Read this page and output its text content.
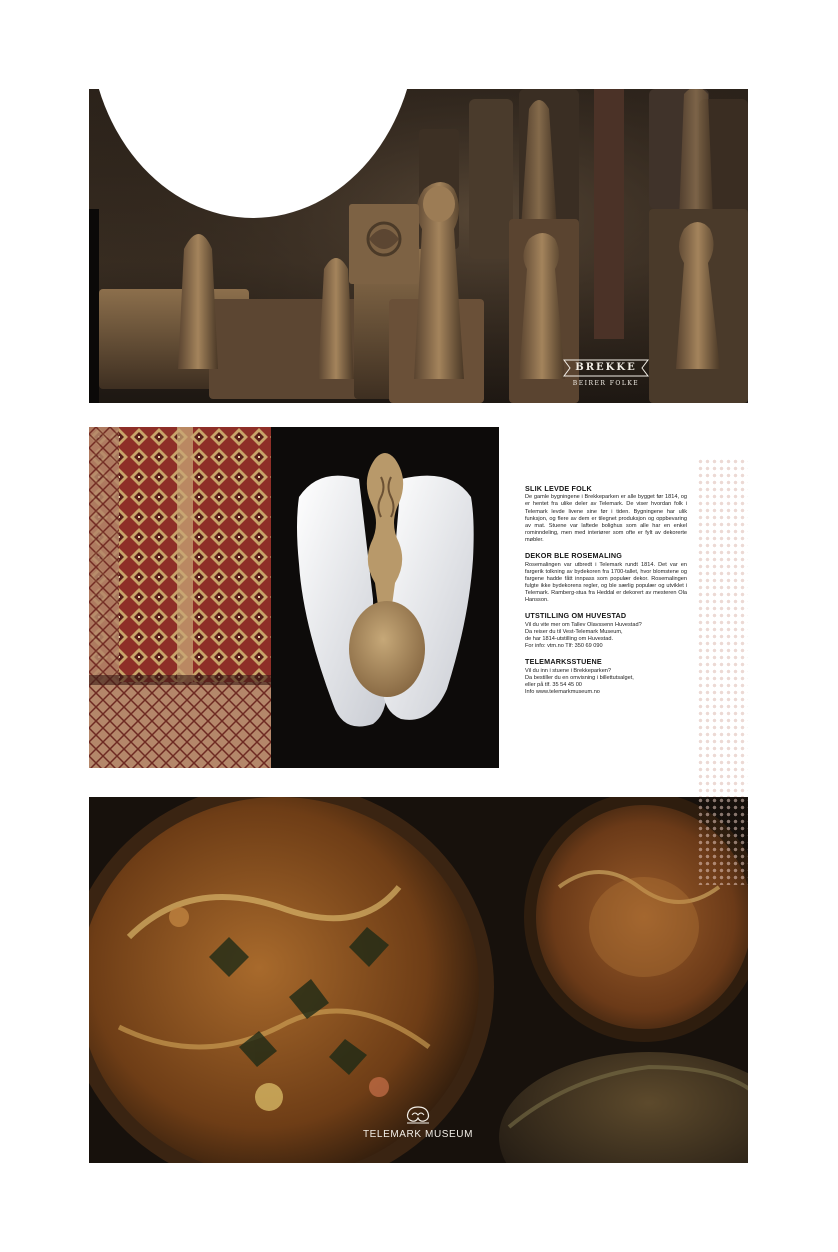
BREKKE
BEIRER FOLKE
SLIK LEVDE FOLK

De gamle bygningene i Brekkeparken er alle bygget før 1814, og er hentet fra ulike deler av Telemark. De viser hvordan folk i Telemark levde livene sine før i tiden. Bygningene har ulik funksjon, og flere av dem er tilegnet produksjon og oppbevaring av mat. Stuene var laftede bolighus som alle har en enkel rominndeling, men med interiører som ofte er fylt av dekorerte møbler.

DEKOR BLE ROSEMALING

Rosemalingen var utbredt i Telemark rundt 1814. Det var en fargerik tolkning av bydekoren fra 1700-tallet, hvor blomstene og fargene hadde fått innpass som populær dekor. Rosemalingen fulgte ikke bydekorens regler, og ble særlig populær og utviklet i Telemark. Ramberg-stua fra Heddal er dekorert av mesteren Ola Hansson.

UTSTILLING OM HUVESTAD

Vil du vite mer om Tallev Olavssenn Huvestad?
Da reiser du til Vest-Telemark Museum,
de har 1814-utstilling om Huvestad.
For info: vtm.no Tlf: 350 69 090

TELEMARKSSTUENE

Vil du inn i stuene i Brekkeparken?
Da bestiller du en omvisning i billettutsalget,
eller på tlf. 35 54 45 00
Info www.telemarkmuseum.no

TELEMARK MUSEUM
